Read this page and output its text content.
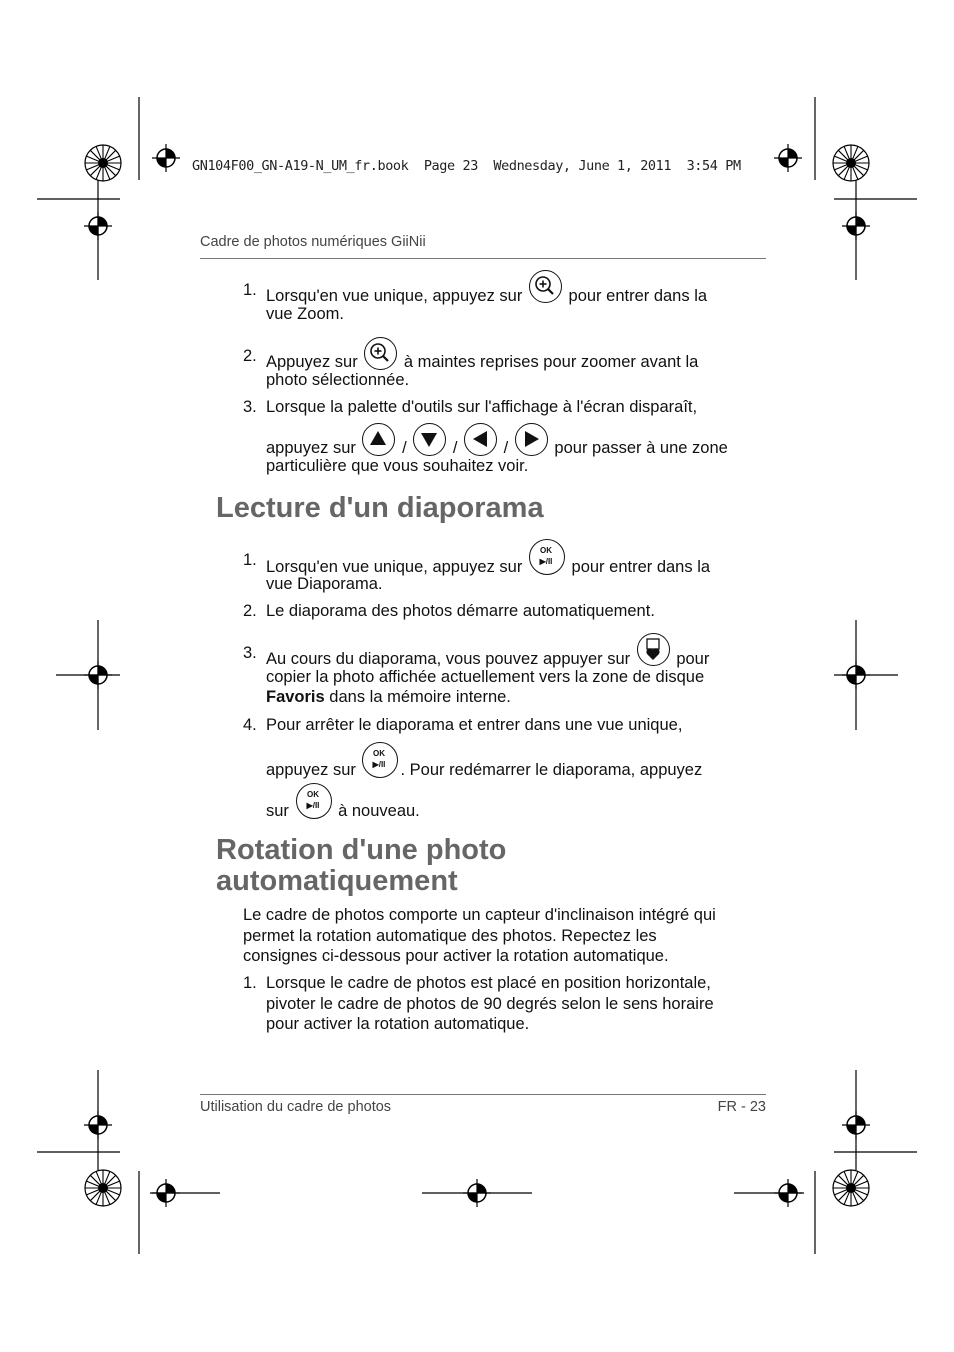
GN104F00_GN-A19-N_UM_fr.book  Page 23  Wednesday, June 1, 2011  3:54 PM
Cadre de photos numériques GiiNii
1. Lorsqu'en vue unique, appuyez sur	pour entrer dans la
vue Zoom.
2. Appuyez sur	à maintes reprises pour zoomer avant la
photo sélectionnée.
3. Lorsque la palette d'outils sur l'affichage à l'écran disparaît,
appuyez sur	/	/	/	pour passer à une zone
particulière que vous souhaitez voir.
Lecture d'un diaporama
1. Lorsqu'en vue unique, appuyez sur
OK
▶/II pour entrer dans la
vue Diaporama.
2. Le diaporama des photos démarre automatiquement.
3. Au cours du diaporama, vous pouvez appuyer sur	pour
copier la photo affichée actuellement vers la zone de disque
Favoris dans la mémoire interne.
4. Pour arrêter le diaporama et entrer dans une vue unique,
appuyez sur
OK
▶/II . Pour redémarrer le diaporama, appuyez
sur
OK
▶/II à nouveau.
Rotation d'une photo
automatiquement
Le cadre de photos comporte un capteur d'inclinaison intégré qui
permet la rotation automatique des photos. Repectez les
consignes ci-dessous pour activer la rotation automatique.
1. Lorsque le cadre de photos est placé en position horizontale,
pivoter le cadre de photos de 90 degrés selon le sens horaire
pour activer la rotation automatique.
Utilisation du cadre de photos	FR - 23
